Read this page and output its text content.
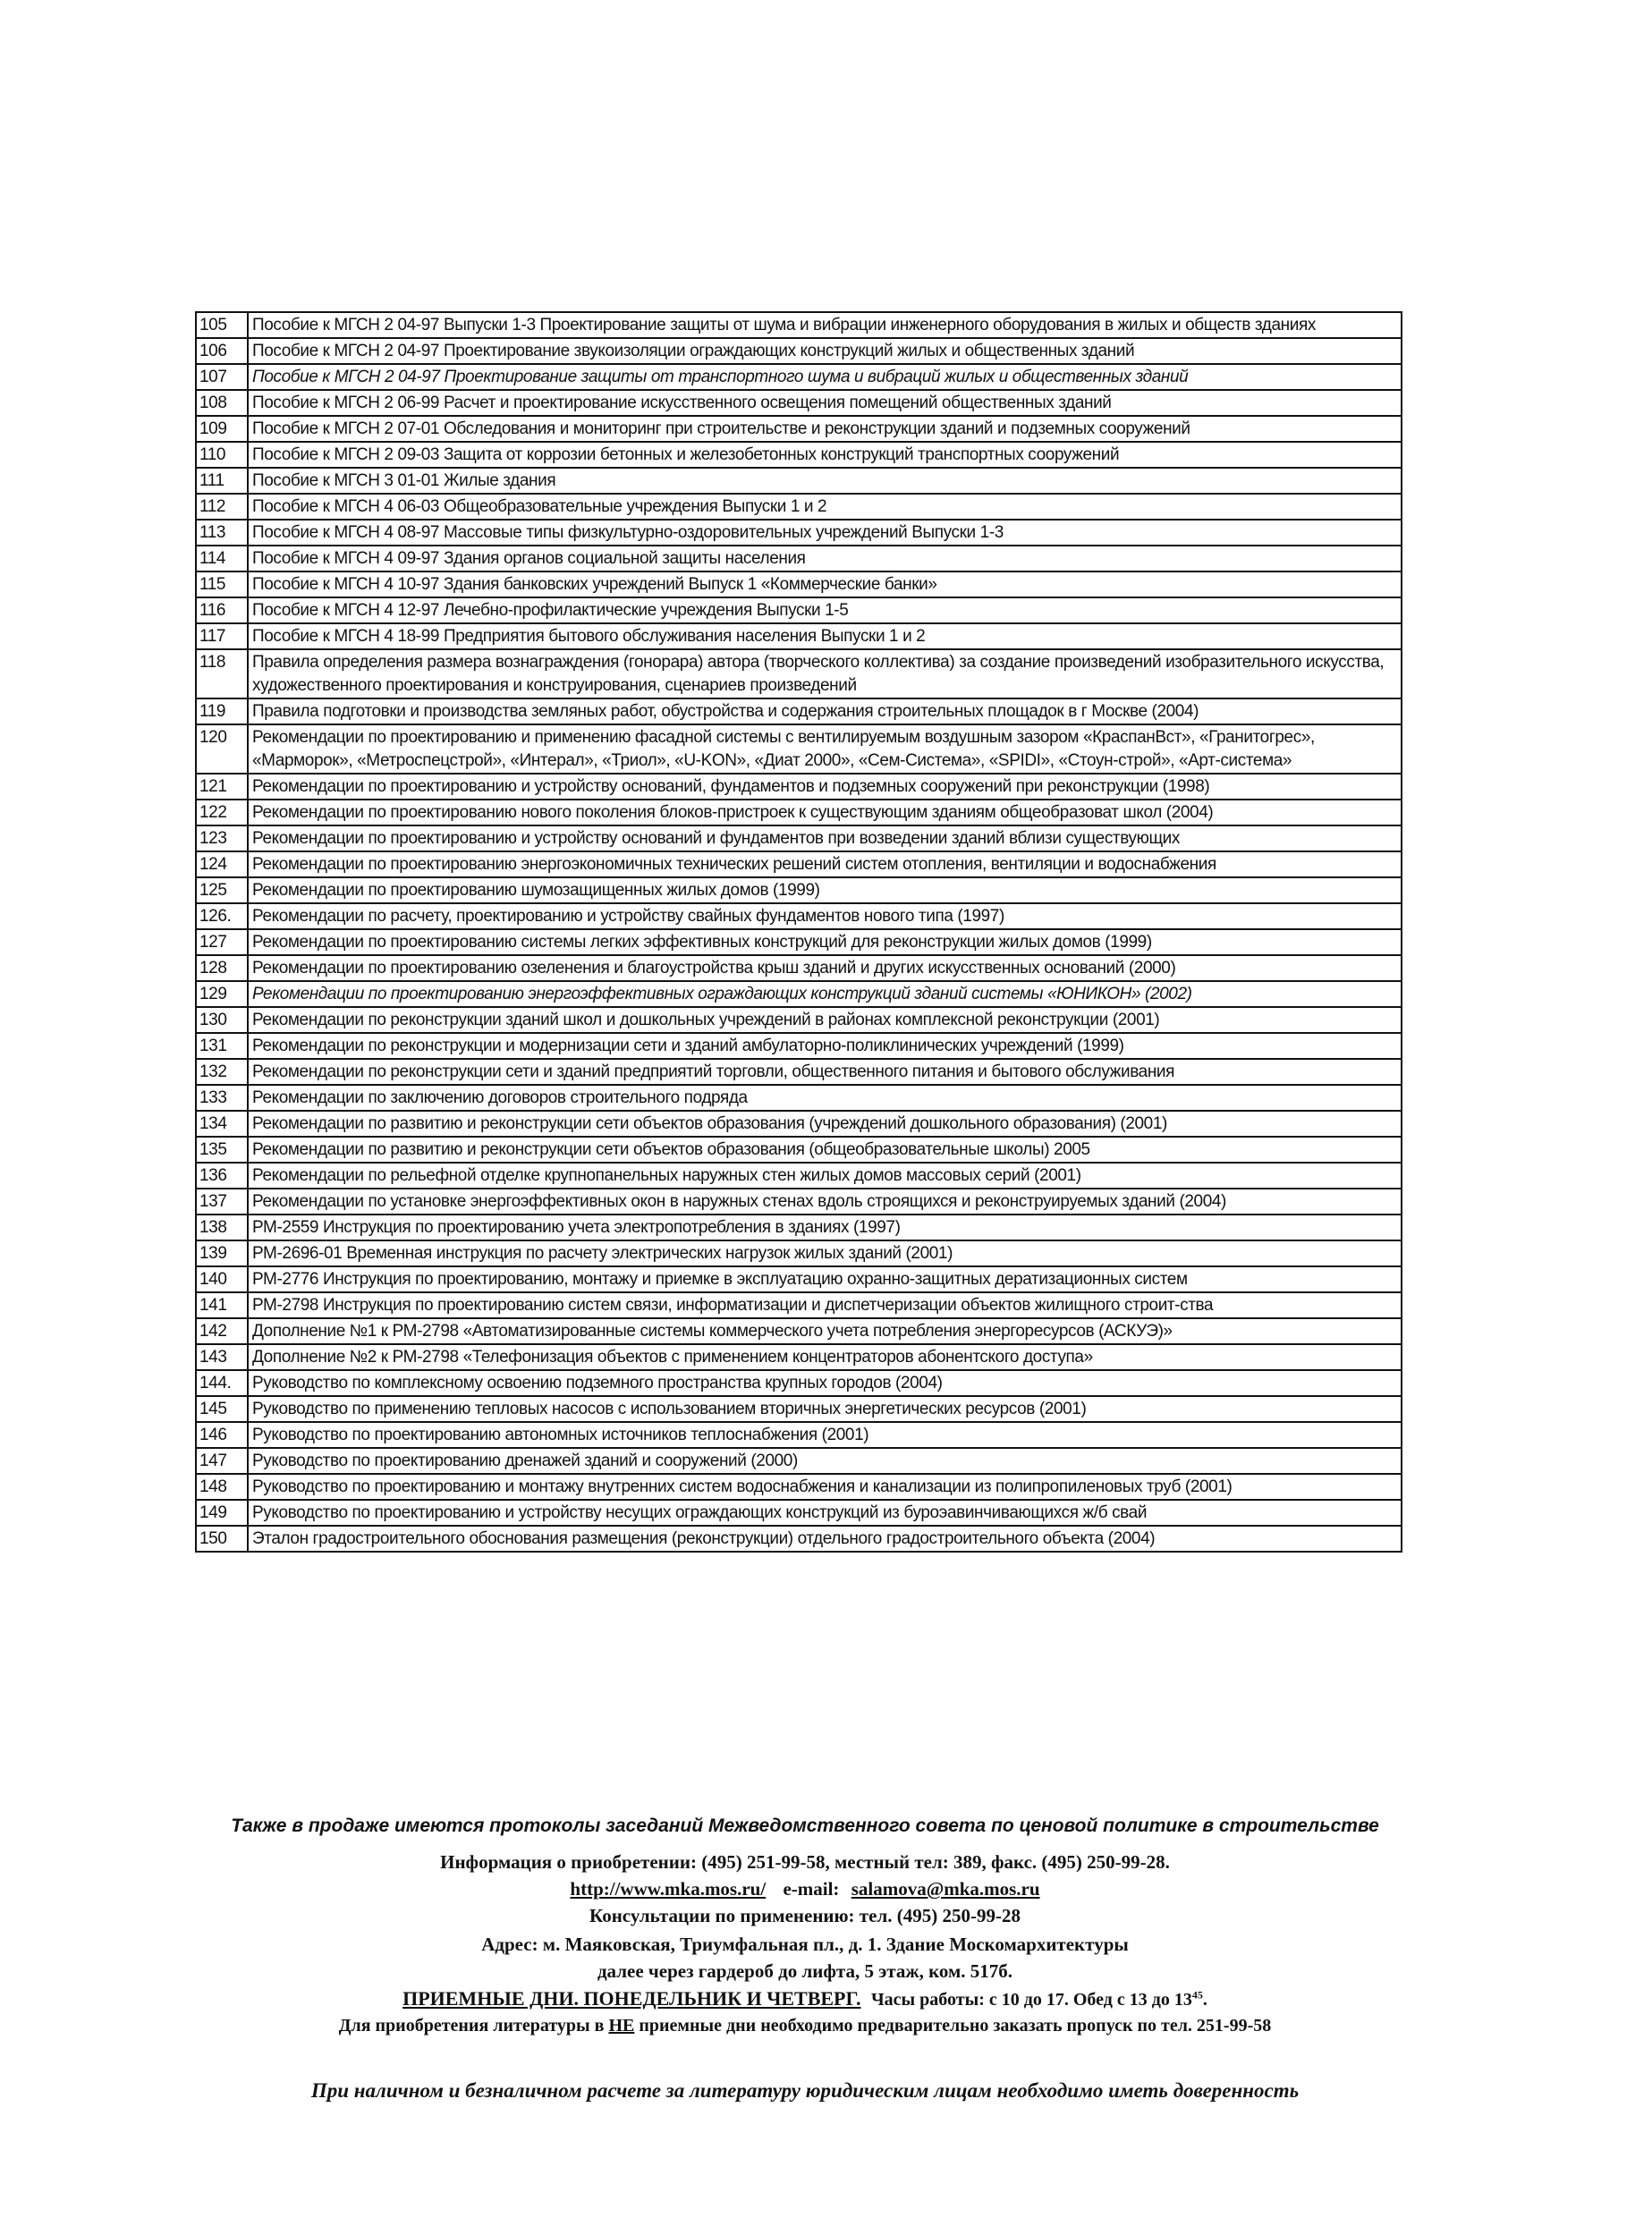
105	Пособие к МГСН 2 04-97 Выпуски 1-3 Проектирование защиты от шума и вибрации инженерного оборудования в жилых и обществ зданиях
106	Пособие к МГСН 2 04-97 Проектирование звукоизоляции ограждающих конструкций жилых и общественных зданий
107	Пособие к МГСН 2 04-97 Проектирование защиты от транспортного шума и вибраций жилых и общественных зданий
108	Пособие к МГСН 2 06-99 Расчет и проектирование искусственного освещения помещений общественных зданий
109	Пособие к МГСН 2 07-01 Обследования и мониторинг при строительстве и реконструкции зданий и подземных сооружений
110	Пособие к МГСН 2 09-03 Защита от коррозии бетонных и железобетонных конструкций транспортных сооружений
111	Пособие к МГСН 3 01-01 Жилые здания
112	Пособие к МГСН 4 06-03 Общеобразовательные учреждения Выпуски 1 и 2
113	Пособие к МГСН 4 08-97 Массовые типы физкультурно-оздоровительных учреждений Выпуски 1-3
114	Пособие к МГСН 4 09-97 Здания органов социальной защиты населения
115	Пособие к МГСН 4 10-97 Здания банковских учреждений Выпуск 1 «Коммерческие банки»
116	Пособие к МГСН 4 12-97 Лечебно-профилактические учреждения Выпуски 1-5
117	Пособие к МГСН 4 18-99 Предприятия бытового обслуживания населения Выпуски 1 и 2
118	Правила определения размера вознаграждения (гонорара) автора (творческого коллектива) за создание произведений изобразительного искусства, художественного проектирования и конструирования, сценариев произведений
119	Правила подготовки и производства земляных работ, обустройства и содержания строительных площадок в г Москве (2004)
120	Рекомендации по проектированию и применению фасадной системы с вентилируемым воздушным зазором «КраспанВст», «Гранитогрес», «Марморок», «Метроспецстрой», «Интерал», «Триол», «U-KON», «Диат 2000», «Сем-Система», «SPIDI», «Стоун-строй», «Арт-система»
121	Рекомендации по проектированию и устройству оснований, фундаментов и подземных сооружений при реконструкции (1998)
122	Рекомендации по проектированию нового поколения блоков-пристроек к существующим зданиям общеобразоват школ (2004)
123	Рекомендации по проектированию и устройству оснований и фундаментов при возведении зданий вблизи существующих
124	Рекомендации по проектированию энергоэкономичных технических решений систем отопления, вентиляции и водоснабжения
125	Рекомендации по проектированию шумозащищенных жилых домов (1999)
126.	Рекомендации по расчету, проектированию и устройству свайных фундаментов нового типа (1997)
127	Рекомендации по проектированию системы легких эффективных конструкций для реконструкции жилых домов (1999)
128	Рекомендации по проектированию озеленения и благоустройства крыш зданий и других искусственных оснований (2000)
129	Рекомендации по проектированию энергоэффективных ограждающих конструкций зданий системы «ЮНИКОН» (2002)
130	Рекомендации по реконструкции зданий школ и дошкольных учреждений в районах комплексной реконструкции (2001)
131	Рекомендации по реконструкции и модернизации сети и зданий амбулаторно-поликлинических учреждений (1999)
132	Рекомендации по реконструкции сети и зданий предприятий торговли, общественного питания и бытового обслуживания
133	Рекомендации по заключению договоров строительного подряда
134	Рекомендации по развитию и реконструкции сети объектов образования (учреждений дошкольного образования) (2001)
135	Рекомендации по развитию и реконструкции сети объектов образования (общеобразовательные школы) 2005
136	Рекомендации по рельефной отделке крупнопанельных наружных стен жилых домов массовых серий (2001)
137	Рекомендации по установке энергоэффективных окон в наружных стенах вдоль строящихся и реконструируемых зданий (2004)
138	РМ-2559 Инструкция по проектированию учета электропотребления в зданиях (1997)
139	РМ-2696-01 Временная инструкция по расчету электрических нагрузок жилых зданий (2001)
140	РМ-2776 Инструкция по проектированию, монтажу и приемке в эксплуатацию охранно-защитных дератизационных систем
141	РМ-2798 Инструкция по проектированию систем связи, информатизации и диспетчеризации объектов жилищного строит-ства
142	Дополнение №1 к РМ-2798 «Автоматизированные системы коммерческого учета потребления энергоресурсов (АСКУЭ)»
143	Дополнение №2 к РМ-2798 «Телефонизация объектов с применением концентраторов абонентского доступа»
144.	Руководство по комплексному освоению подземного пространства крупных городов (2004)
145	Руководство по применению тепловых насосов с использованием вторичных энергетических ресурсов (2001)
146	Руководство по проектированию автономных источников теплоснабжения (2001)
147	Руководство по проектированию дренажей зданий и сооружений (2000)
148	Руководство по проектированию и монтажу внутренних систем водоснабжения и канализации из полипропиленовых труб (2001)
149	Руководство по проектированию и устройству несущих ограждающих конструкций из буроэавинчивающихся ж/б свай
150	Эталон градостроительного обоснования размещения (реконструкции) отдельного градостроительного объекта (2004)
Также в продаже имеются протоколы заседаний Межведомственного совета по ценовой политике в строительстве
Информация о приобретении: (495) 251-99-58, местный тел: 389, факс. (495) 250-99-28.
http://www.mka.mos.ru/ e-mail: salamova@mka.mos.ru
Консультации по применению: тел. (495) 250-99-28
Адрес: м. Маяковская, Триумфальная пл., д. 1. Здание Москомархитектуры
далее через гардероб до лифта, 5 этаж, ком. 517б.
ПРИЕМНЫЕ ДНИ. ПОНЕДЕЛЬНИК И ЧЕТВЕРГ. Часы работы: с 10 до 17. Обед с 13 до $13^{45}$.
Для приобретения литературы в НЕ приемные дни необходимо предварительно заказать пропуск по тел. 251-99-58
При наличном и безналичном расчете за литературу юридическим лицам необходимо иметь доверенность
